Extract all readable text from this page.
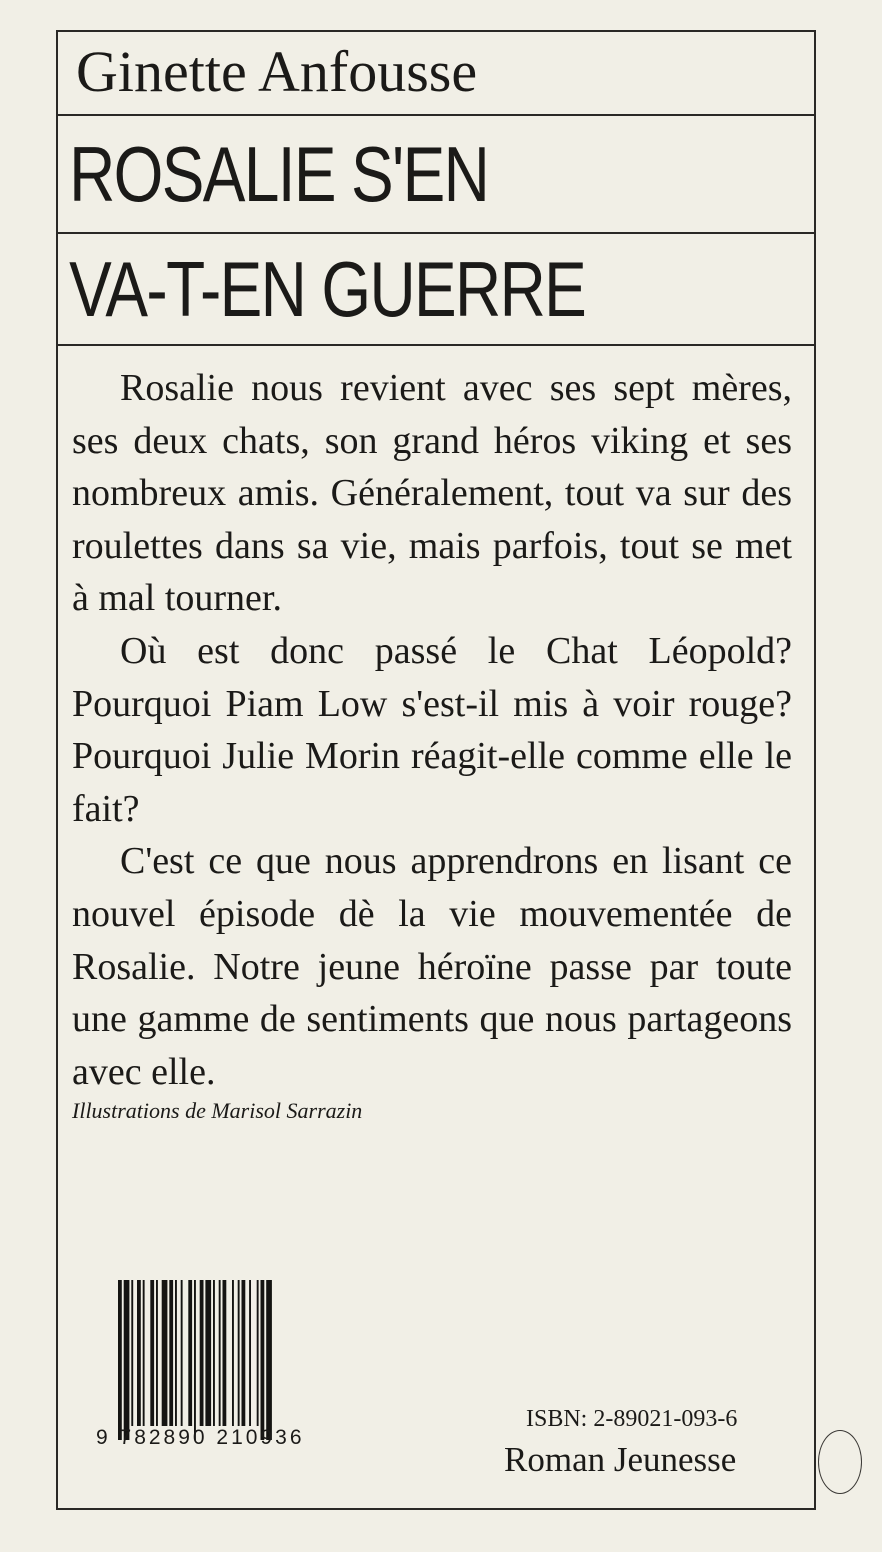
Ginette Anfousse
ROSALIE S'EN
VA-T-EN GUERRE

Rosalie nous revient avec ses sept mères, ses deux chats, son grand héros viking et ses nombreux amis. Généralement, tout va sur des roulettes dans sa vie, mais parfois, tout se met à mal tourner.

Où est donc passé le Chat Léopold? Pourquoi Piam Low s'est-il mis à voir rouge? Pourquoi Julie Morin réagit-elle comme elle le fait?

C'est ce que nous apprendrons en lisant ce nouvel épisode dè la vie mouvementée de Rosalie. Notre jeune héroïne passe par toute une gamme de sentiments que nous partageons avec elle.

Illustrations de Marisol Sarrazin
9 782890 210936
ISBN: 2-89021-093-6
Roman Jeunesse
